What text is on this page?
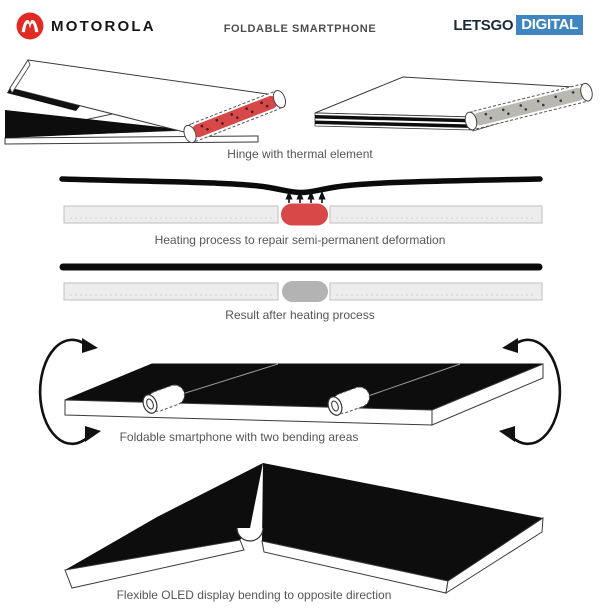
MOTOROLA	FOLDABLE SMARTPHONE	LETSGO DIGITAL
Hinge with thermal element
Heating process to repair semi-permanent deformation
Result after heating process
Foldable smartphone with two bending areas
Flexible OLED display bending to opposite direction
